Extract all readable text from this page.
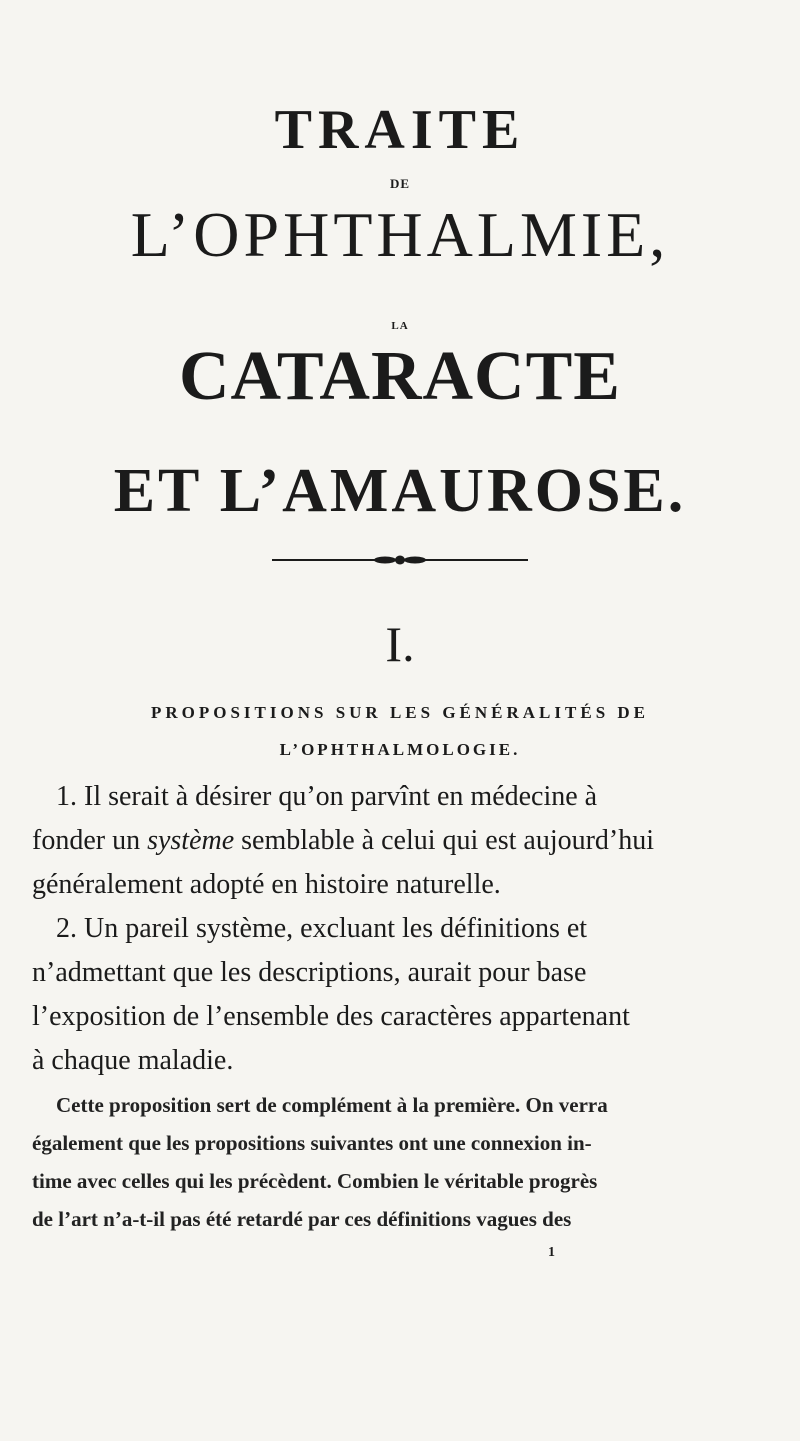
TRAITE
DE
L’OPHTHALMIE,
LA
CATARACTE
ET L’AMAUROSE.
I.
PROPOSITIONS SUR LES GÉNÉRALITÉS DE
L’OPHTHALMOLOGIE.
1. Il serait à désirer qu’on parvînt en médecine à
fonder un système semblable à celui qui est aujourd’hui
généralement adopté en histoire naturelle.
2. Un pareil système, excluant les définitions et
n’admettant que les descriptions, aurait pour base
l’exposition de l’ensemble des caractères appartenant
à chaque maladie.
Cette proposition sert de complément à la première. On verra
également que les propositions suivantes ont une connexion in-
time avec celles qui les précèdent. Combien le véritable progrès
de l’art n’a-t-il pas été retardé par ces définitions vagues des
1
